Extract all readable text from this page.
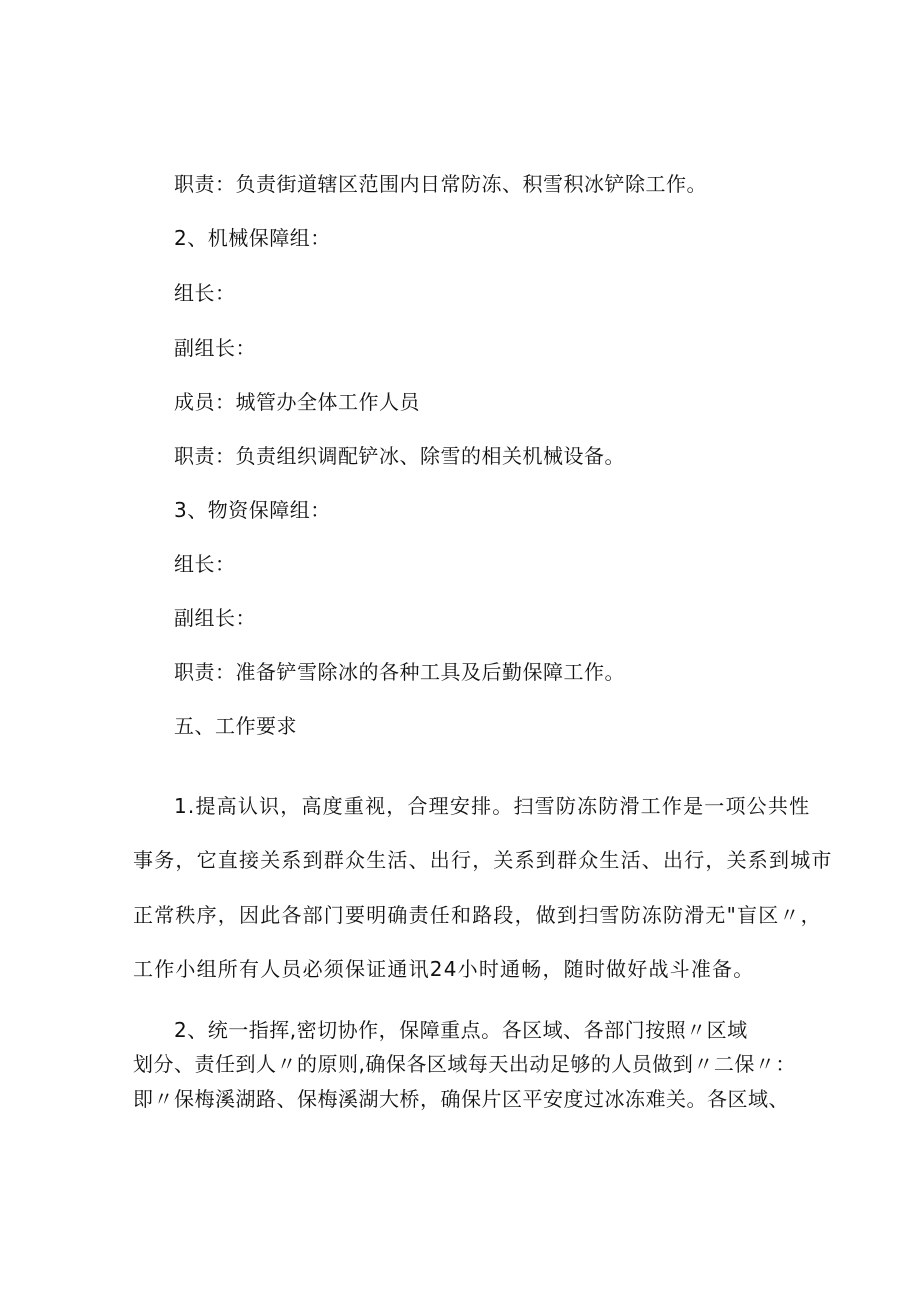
职责：负责街道辖区范围内日常防冻、积雪积冰铲除工作。
2、机械保障组：
组长：
副组长：
成员：城管办全体工作人员
职责：负责组织调配铲冰、除雪的相关机械设备。
3、物资保障组：
组长：
副组长：
职责：准备铲雪除冰的各种工具及后勤保障工作。
五、工作要求
1.提高认识，高度重视，合理安排。扫雪防冻防滑工作是一项公共性
事务，它直接关系到群众生活、出行，关系到群众生活、出行，关系到城市
正常秩序，因此各部门要明确责任和路段，做到扫雪防冻防滑无"盲区〃，
工作小组所有人员必须保证通讯24小时通畅，随时做好战斗准备。
2、统一指挥,密切协作，保障重点。各区域、各部门按照〃区域
划分、责任到人〃的原则,确保各区域每天出动足够的人员做到〃二保〃：
即〃保梅溪湖路、保梅溪湖大桥，确保片区平安度过冰冻难关。各区域、
